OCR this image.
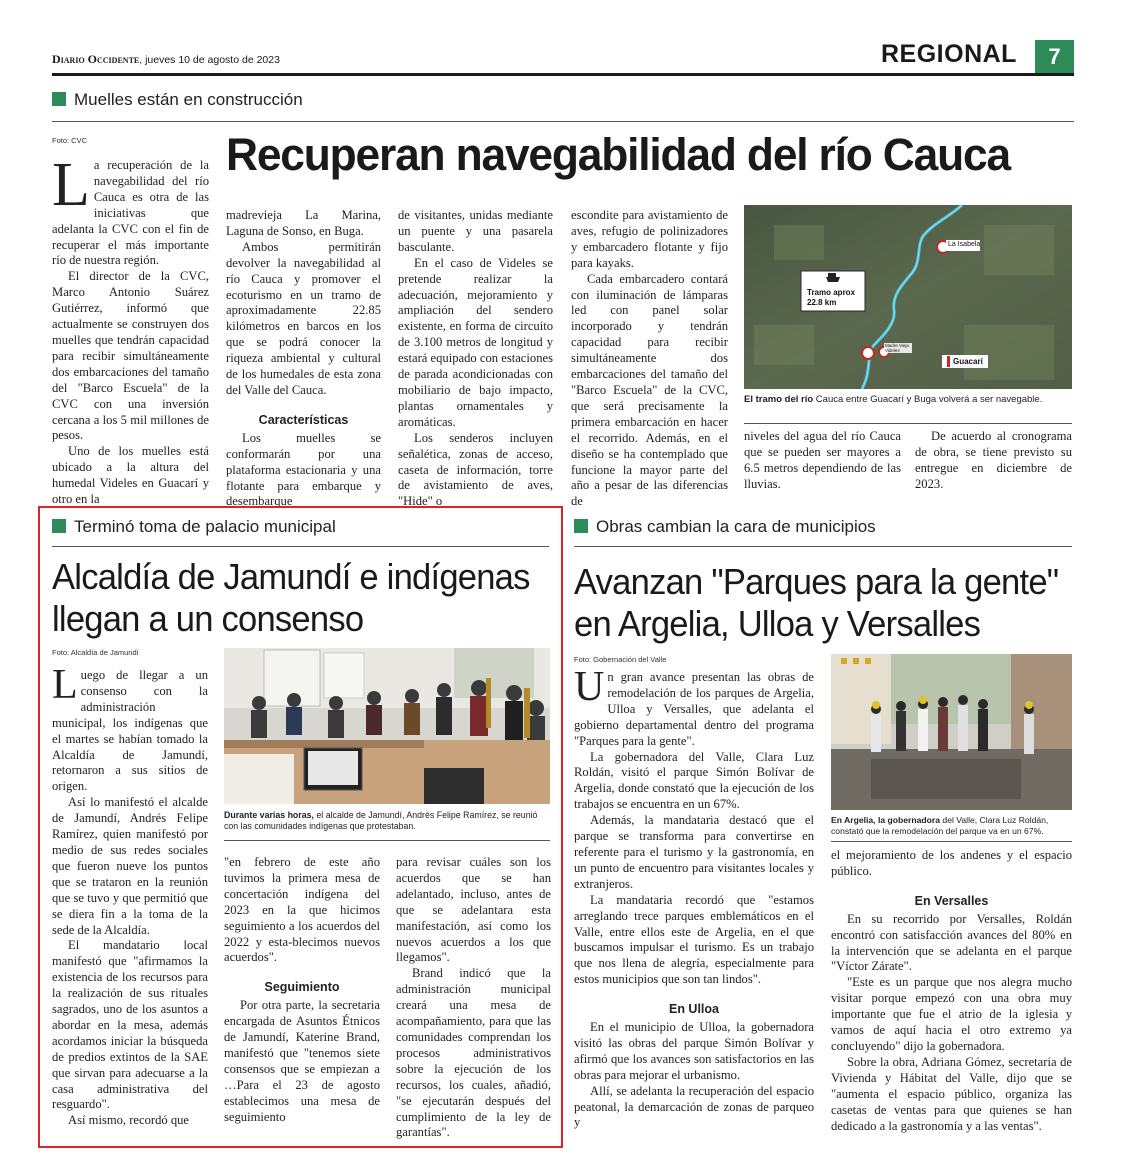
Diario Occidente, jueves 10 de agosto de 2023	REGIONAL	7
Muelles están en construcción
Foto: CVC	Recuperan navegabilidad del río Cauca

La recuperación de la navegabilidad del río Cauca es otra de las iniciativas que adelanta la CVC con el fin de recuperar el más importante río de nuestra región.

El director de la CVC, Marco Antonio Suárez Gutiérrez, informó que actualmente se construyen dos muelles que tendrán capacidad para recibir simultáneamente dos embarcaciones del tamaño del "Barco Escuela" de la CVC con una inversión cercana a los 5 mil millones de pesos.

Uno de los muelles está ubicado a la altura del humedal Videles en Guacarí y otro en la

madrevieja La Marina, Laguna de Sonso, en Buga.

Ambos permitirán devolver la navegabilidad al río Cauca y promover el ecoturismo en un tramo de aproximadamente 22.85 kilómetros en barcos en los que se podrá conocer la riqueza ambiental y cultural de los humedales de esta zona del Valle del Cauca.

Características

Los muelles se conformarán por una plataforma estacionaria y una flotante para embarque y desembarque

de visitantes, unidas mediante un puente y una pasarela basculante.

En el caso de Videles se pretende realizar la adecuación, mejoramiento y ampliación del sendero existente, en forma de circuito de 3.100 metros de longitud y estará equipado con estaciones de parada acondicionadas con mobiliario de bajo impacto, plantas ornamentales y aromáticas.

Los senderos incluyen señalética, zonas de acceso, caseta de información, torre de avistamiento de aves, "Hide" o

escondite para avistamiento de aves, refugio de polinizadores y embarcadero flotante y fijo para kayaks.

Cada embarcadero contará con iluminación de lámparas led con panel solar incorporado y tendrán capacidad para recibir simultáneamente dos embarcaciones del tamaño del "Barco Escuela" de la CVC, que será precisamente la primera embarcación en hacer el recorrido. Además, en el diseño se ha contemplado que funcione la mayor parte del año a pesar de las diferencias de

La Isabela
Tramo aprox
22.8 km
Madre Vieja Videles
Guacarí
El tramo del río Cauca entre Guacarí y Buga volverá a ser navegable.

niveles del agua del río Cauca que se pueden ser mayores a 6.5 metros dependiendo de las lluvias.

De acuerdo al cronograma de obra, se tiene previsto su entregue en diciembre de 2023.

Terminó toma de palacio municipal
Alcaldía de Jamundí e indígenas
llegan a un consenso
Foto: Alcaldía de Jamundí

Luego de llegar a un consenso con la administración municipal, los indígenas que el martes se habían tomado la Alcaldía de Jamundí, retornaron a sus sitios de origen.

Así lo manifestó el alcalde de Jamundí, Andrés Felipe Ramírez, quien manifestó por medio de sus redes sociales que fueron nueve los puntos que se trataron en la reunión que se tuvo y que permitió que se diera fin a la toma de la sede de la Alcaldía.

El mandatario local manifestó que "afirmamos la existencia de los recursos para la realización de sus rituales sagrados, uno de los asuntos a abordar en la mesa, además acordamos iniciar la búsqueda de predios extintos de la SAE que sirvan para adecuarse a la casa administrativa del resguardo".

Así mismo, recordó que

Durante varias horas, el alcalde de Jamundí, Andrés Felipe Ramírez, se reunió con las comunidades indígenas que protestaban.

"en febrero de este año tuvimos la primera mesa de concertación indígena del 2023 en la que hicimos seguimiento a los acuerdos del 2022 y esta-blecimos nuevos acuerdos".

Seguimiento

Por otra parte, la secretaria encargada de Asuntos Étnicos de Jamundí, Katerine Brand, manifestó que "tenemos siete consensos que se empiezan a …Para el 23 de agosto establecimos una mesa de seguimiento

para revisar cuáles son los acuerdos que se han adelantado, incluso, antes de que se adelantara esta manifestación, así como los nuevos acuerdos a los que llegamos".

Brand indicó que la administración municipal creará una mesa de acompañamiento, para que las comunidades comprendan los procesos administrativos sobre la ejecución de los recursos, los cuales, añadió, "se ejecutarán después del cumplimiento de la ley de garantías".

Obras cambian la cara de municipios
Avanzan "Parques para la gente"
en Argelia, Ulloa y Versalles
Foto: Gobernación del Valle

Un gran avance presentan las obras de remodelación de los parques de Argelia, Ulloa y Versalles, que adelanta el gobierno departamental dentro del programa "Parques para la gente".

La gobernadora del Valle, Clara Luz Roldán, visitó el parque Simón Bolívar de Argelia, donde constató que la ejecución de los trabajos se encuentra en un 67%.

Además, la mandataria destacó que el parque se transforma para convertirse en referente para el turismo y la gastronomía, en un punto de encuentro para visitantes locales y extranjeros.

La mandataria recordó que "estamos arreglando trece parques emblemáticos en el Valle, entre ellos este de Argelia, en el que buscamos impulsar el turismo. Es un trabajo que nos llena de alegría, especialmente para estos municipios que son tan lindos".

En Ulloa

En el municipio de Ulloa, la gobernadora visitó las obras del parque Simón Bolívar y afirmó que los avances son satisfactorios en las obras para mejorar el urbanismo.

Allí, se adelanta la recuperación del espacio peatonal, la demarcación de zonas de parqueo y

En Argelia, la gobernadora del Valle, Clara Luz Roldán, constató que la remodelación del parque va en un 67%.

el mejoramiento de los andenes y el espacio público.

En Versalles

En su recorrido por Versalles, Roldán encontró con satisfacción avances del 80% en la intervención que se adelanta en el parque "Víctor Zárate".

"Este es un parque que nos alegra mucho visitar porque empezó con una obra muy importante que fue el atrio de la iglesia y vamos de aquí hacia el otro extremo ya concluyendo" dijo la gobernadora.

Sobre la obra, Adriana Gómez, secretaria de Vivienda y Hábitat del Valle, dijo que se "aumenta el espacio público, organiza las casetas de ventas para que quienes se han dedicado a la gastronomía y a las ventas".
